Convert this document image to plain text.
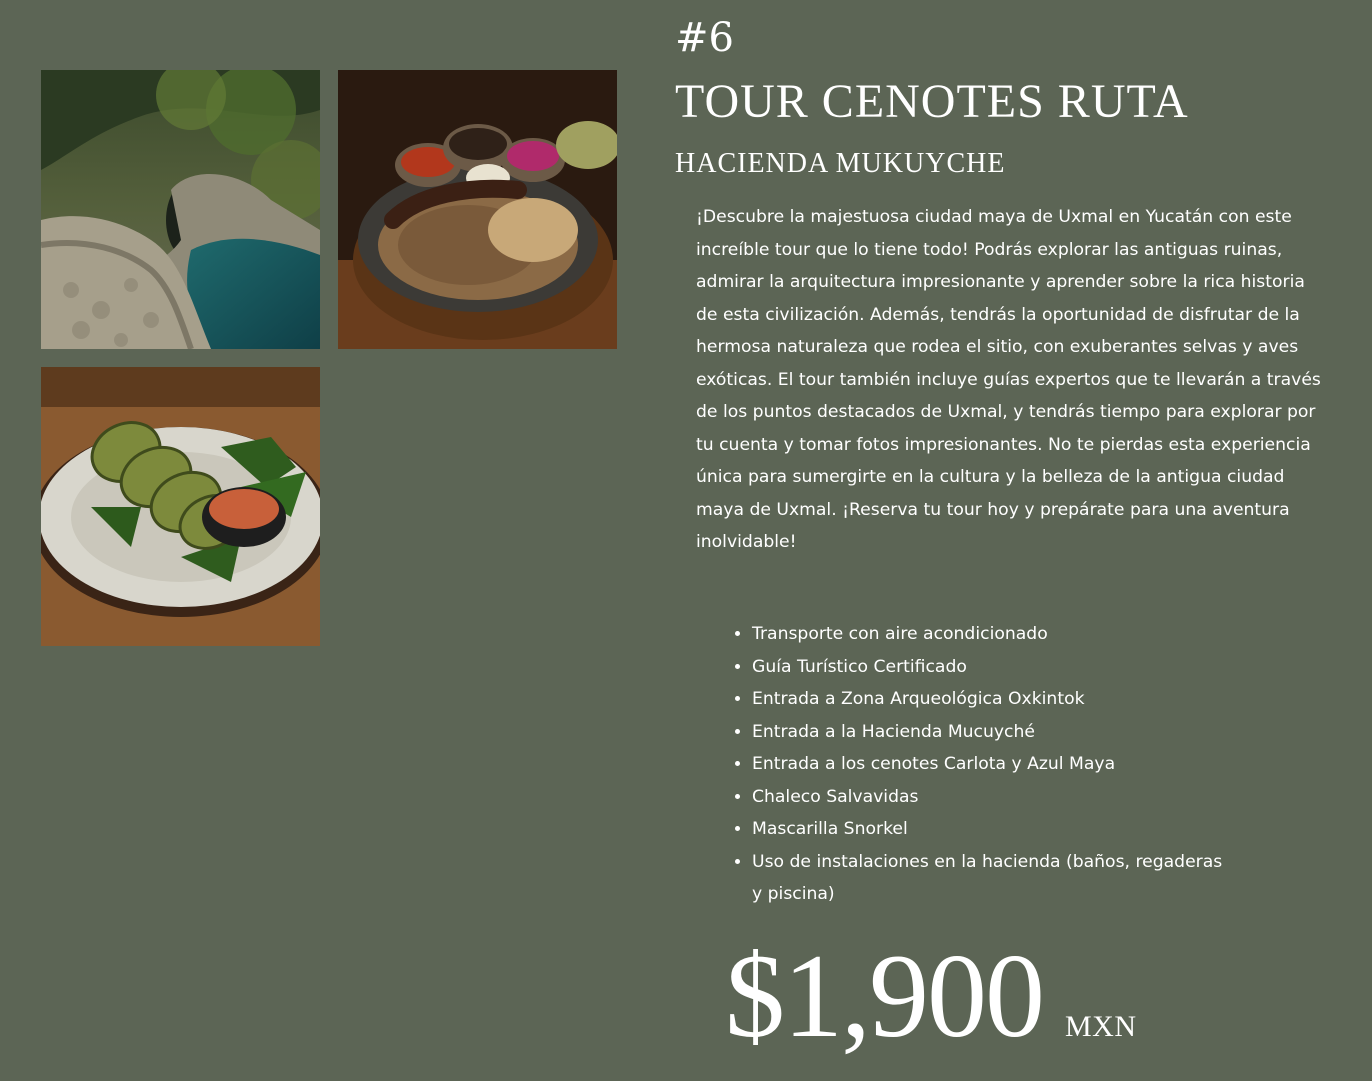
#6
TOUR CENOTES RUTA
HACIENDA MUKUYCHE

¡Descubre la majestuosa ciudad maya de Uxmal en Yucatán con este increíble tour que lo tiene todo! Podrás explorar las antiguas ruinas, admirar la arquitectura impresionante y aprender sobre la rica historia de esta civilización. Además, tendrás la oportunidad de disfrutar de la hermosa naturaleza que rodea el sitio, con exuberantes selvas y aves exóticas. El tour también incluye guías expertos que te llevarán a través de los puntos destacados de Uxmal, y tendrás tiempo para explorar por tu cuenta y tomar fotos impresionantes. No te pierdas esta experiencia única para sumergirte en la cultura y la belleza de la antigua ciudad maya de Uxmal. ¡Reserva tu tour hoy y prepárate para una aventura inolvidable!

• Transporte con aire acondicionado
• Guía Turístico Certificado
• Entrada a Zona Arqueológica Oxkintok
• Entrada a la Hacienda Mucuyché
• Entrada a los cenotes Carlota y Azul Maya
• Chaleco Salvavidas
• Mascarilla Snorkel
• Uso de instalaciones en la hacienda (baños, regaderas y piscina)
$1,900 MXN
